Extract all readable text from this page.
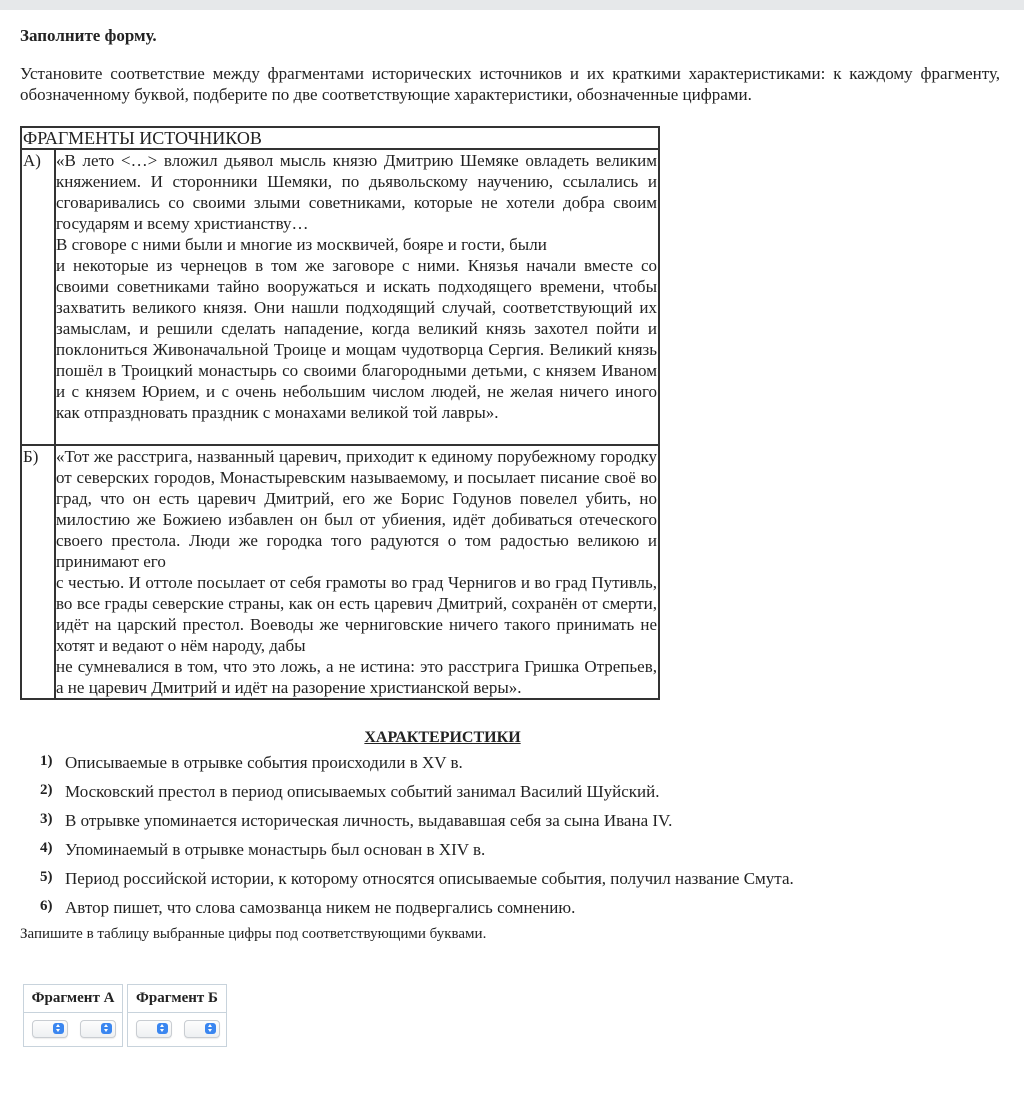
Заполните форму.

Установите соответствие между фрагментами исторических источников и их краткими характеристиками: к каждому фрагменту, обозначенному буквой, подберите по две соответствующие характеристики, обозначенные цифрами.

ФРАГМЕНТЫ ИСТОЧНИКОВ	
А)	«В лето <…> вложил дьявол мысль князю Дмитрию Шемяке овладеть великим княжением. И сторонники Шемяки, по дьявольскому научению, ссылались и сговаривались со своими злыми советниками, которые не хотели добра своим государям и всему христианству…

В сговоре с ними были и многие из москвичей, бояре и гости, были

и некоторые из чернецов в том же заговоре с ними. Князья начали вместе со своими советниками тайно вооружаться и искать подходящего времени, чтобы захватить великого князя. Они нашли подходящий случай, соответствующий их замыслам, и решили сделать нападение, когда великий князь захотел пойти и поклониться Живоначальной Троице и мощам чудотворца Сергия. Великий князь пошёл в Троицкий монастырь со своими благородными детьми, с князем Иваном и с князем Юрием, и с очень небольшим числом людей, не желая ничего иного как отпраздновать праздник с монахами великой той лавры».

Б)	«Тот же расстрига, названный царевич, приходит к единому порубежному городку от северских городов, Монастыревским называемому, и посылает писание своё во град, что он есть царевич Дмитрий, его же Борис Годунов повелел убить, но милостию же Божиею избавлен он был от убиения, идёт добиваться отеческого своего престола. Люди же городка того радуются о том радостью великою и принимают его

с честью. И оттоле посылает от себя грамоты во град Чернигов и во град Путивль, во все грады северские страны, как он есть царевич Дмитрий, сохранён от смерти, идёт на царский престол. Воеводы же черниговские ничего такого принимать не хотят и ведают о нём народу, дабы

не сумневалися в том, что это ложь, а не истина: это расстрига Гришка Отрепьев, а не царевич Дмитрий и идёт на разорение христианской веры».

ХАРАКТЕРИСТИКИ
1) Описываемые в отрывке события происходили в XV в.
2) Московский престол в период описываемых событий занимал Василий Шуйский.
3) В отрывке упоминается историческая личность, выдававшая себя за сына Ивана IV.
4) Упоминаемый в отрывке монастырь был основан в XIV в.
5) Период российской истории, к которому относятся описываемые события, получил название Смута.
6) Автор пишет, что слова самозванца никем не подвергались сомнению.

Запишите в таблицу выбранные цифры под соответствующими буквами.

Фрагмент А	Фрагмент Б
